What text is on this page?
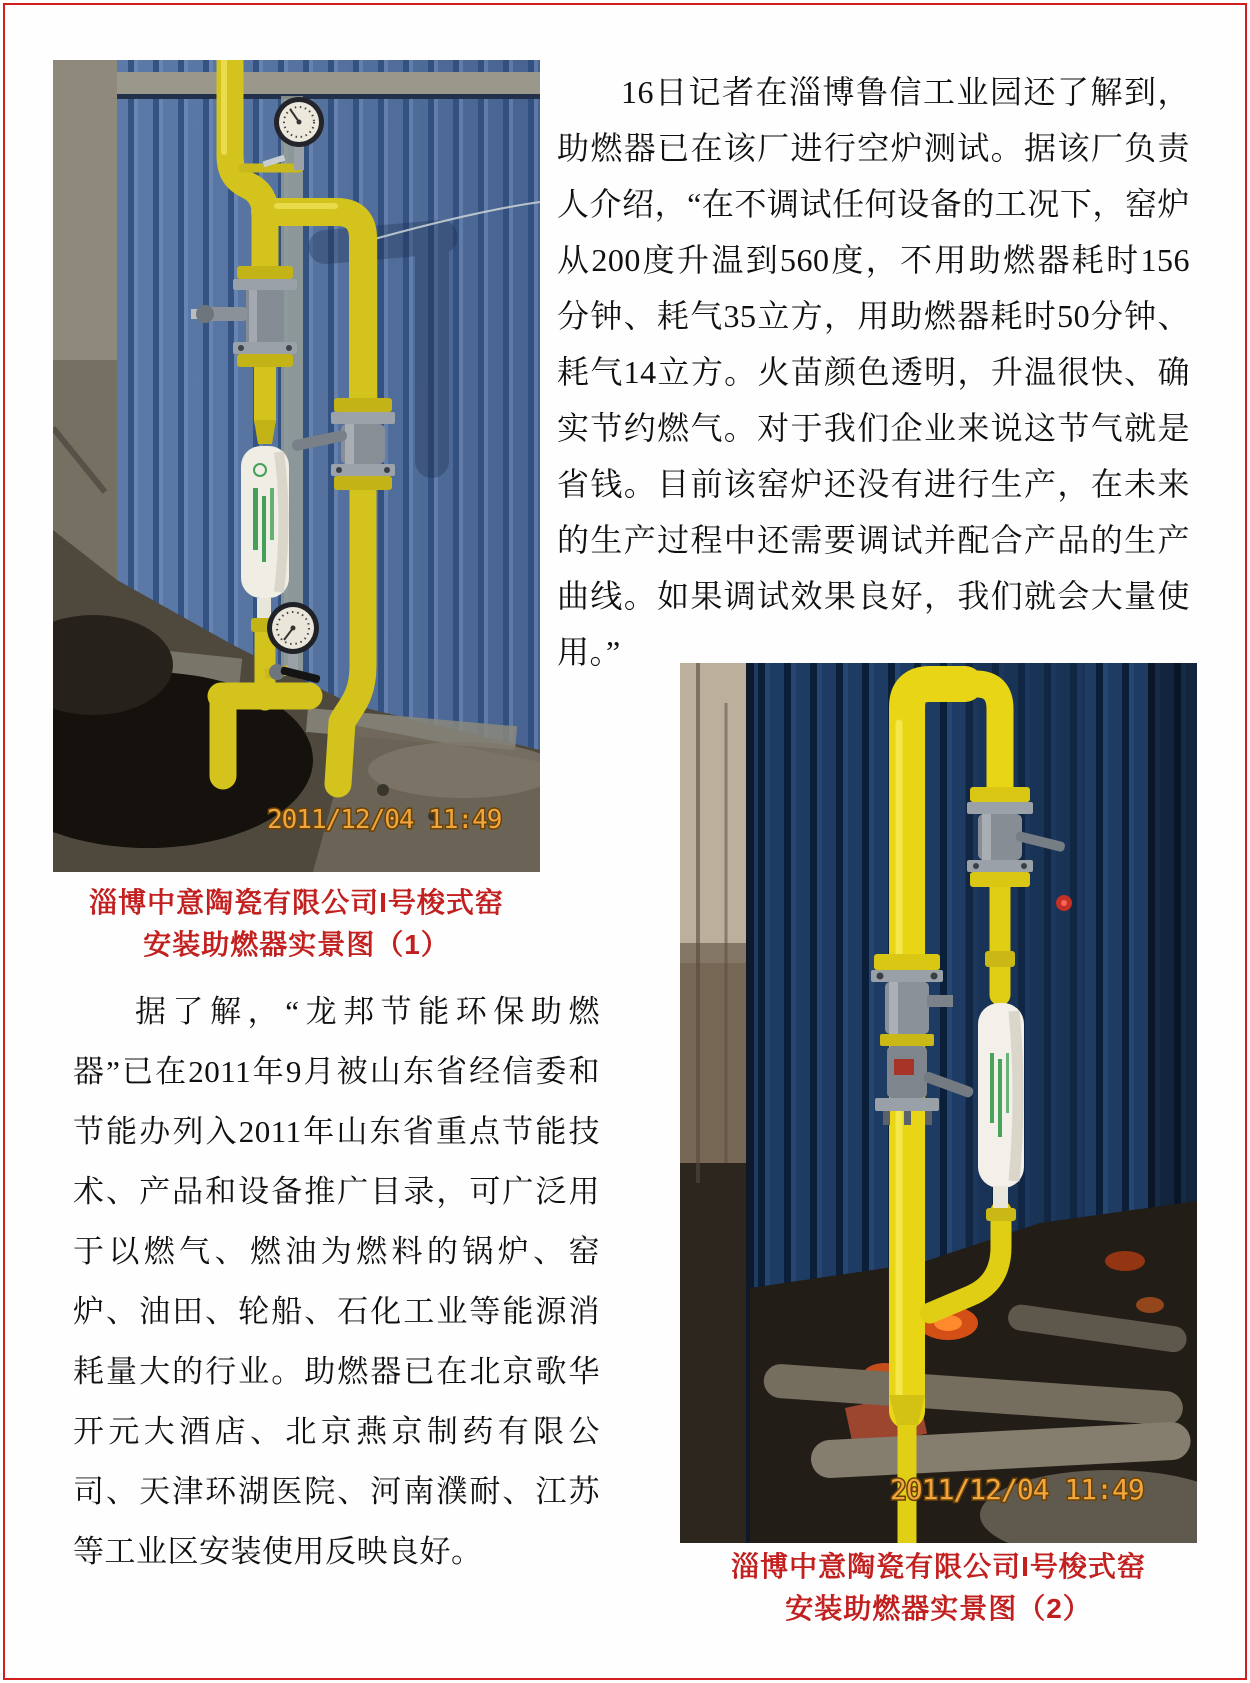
2011/12/04 11:49
淄博中意陶瓷有限公司I号梭式窑
安装助燃器实景图（1）
16日记者在淄博鲁信工业园还了解到，助燃器已在该厂进行空炉测试。据该厂负责人介绍，“在不调试任何设备的工况下，窑炉从200度升温到560度，不用助燃器耗时156分钟、耗气35立方，用助燃器耗时50分钟、耗气14立方。火苗颜色透明，升温很快、确实节约燃气。对于我们企业来说这节气就是省钱。目前该窑炉还没有进行生产，在未来的生产过程中还需要调试并配合产品的生产曲线。如果调试效果良好，我们就会大量使用。”
据了解，“龙邦节能环保助燃器”已在2011年9月被山东省经信委和节能办列入2011年山东省重点节能技术、产品和设备推广目录，可广泛用于以燃气、燃油为燃料的锅炉、窑炉、油田、轮船、石化工业等能源消耗量大的行业。助燃器已在北京歌华开元大酒店、北京燕京制药有限公司、天津环湖医院、河南濮耐、江苏等工业区安装使用反映良好。
2011/12/04 11:49
淄博中意陶瓷有限公司I号梭式窑
安装助燃器实景图（2）
